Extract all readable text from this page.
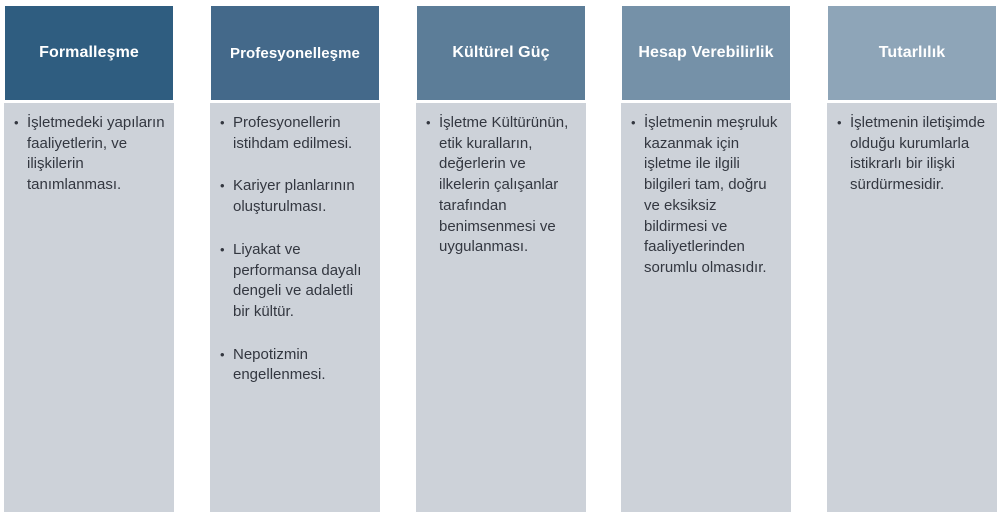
Formalleşme
• İşletmedeki yapıların faaliyetlerin, ve ilişkilerin tanımlanması.
Profesyonelleşme
• Profesyonellerin istihdam edilmesi.
• Kariyer planlarının oluşturulması.
• Liyakat ve performansa dayalı dengeli ve adaletli bir kültür.
• Nepotizmin engellenmesi.
Kültürel Güç
• İşletme Kültürünün, etik kuralların, değerlerin ve ilkelerin çalışanlar tarafından benimsenmesi ve uygulanması.
Hesap Verebilirlik
• İşletmenin meşruluk kazanmak için işletme ile ilgili bilgileri tam, doğru ve eksiksiz bildirmesi ve faaliyetlerinden sorumlu olmasıdır.
Tutarlılık
• İşletmenin iletişimde olduğu kurumlarla istikrarlı bir ilişki sürdürmesidir.
